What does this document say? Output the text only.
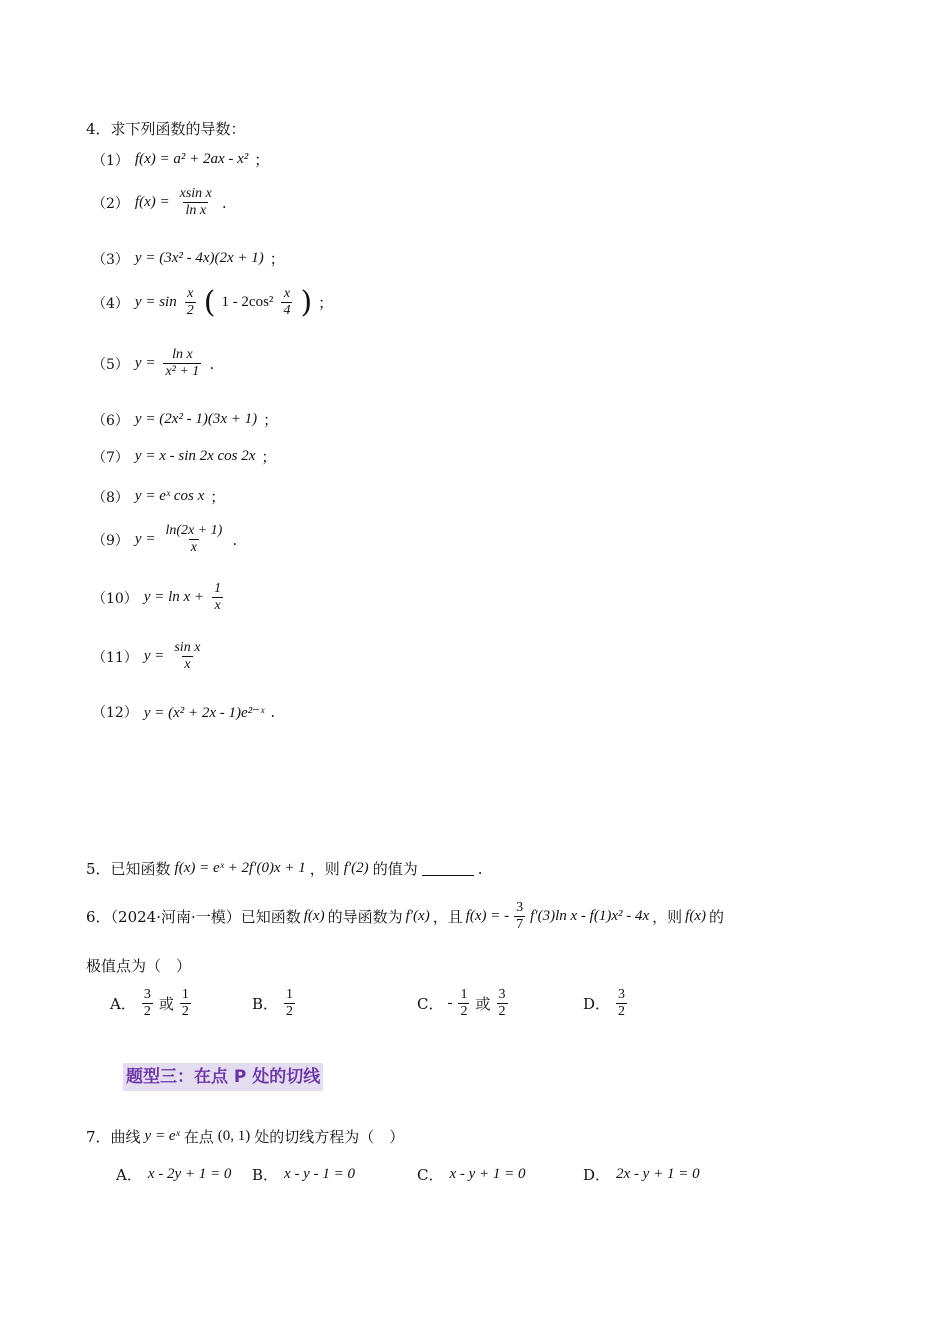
4．求下列函数的导数：
（1） f(x) = a² + 2ax - x² ；
（2） $f(x) = \frac{\text{xsin x}}{\text{ln x}}$ .
（3） y = (3x² - 4x)(2x + 1) ；
（4） $y = \sin \frac{x}{2}$ ( $1 - 2\cos^2 \frac{x}{4}$ ) ；
（5） $y = \frac{\text{ln x}}{\text{x² + 1}}$ .
（6） y = (2x² - 1)(3x + 1) ；
（7） y = x - sin 2x cos 2x ；
（8） y = eˣ cos x ；
（9） $y = \frac{\ln(2x + 1)}{x}$ .
（10） $y = \ln x + \frac{1}{x}$
（11） $y = \frac{\text{sin x}}{x}$
（12） y = (x² + 2x - 1)e²⁻ˣ .
5．已知函数 f(x) = eˣ + 2f′(0)x + 1 ，则 f′(2) 的值为	.
6．（2024·河南·一模）已知函数 f(x) 的导函数为 f′(x) ，且 f(x) = - $\frac{3}{7} f'(3)\ln$ x - f(1)x² - 4x ，则 f(x) 的
极值点为（　）
A． $\frac{3}{2}$ 或 $\frac{1}{2}$	B． $\frac{1}{2}$	C． - $\frac{1}{2}$ 或 $\frac{3}{2}$	D． $\frac{3}{2}$
题型三：在点 P 处的切线
7．曲线 y = eˣ 在点 (0, 1) 处的切线方程为（　）
A． x - 2y + 1 = 0 B． x - y - 1 = 0	C． x - y + 1 = 0	D． 2x - y + 1 = 0
